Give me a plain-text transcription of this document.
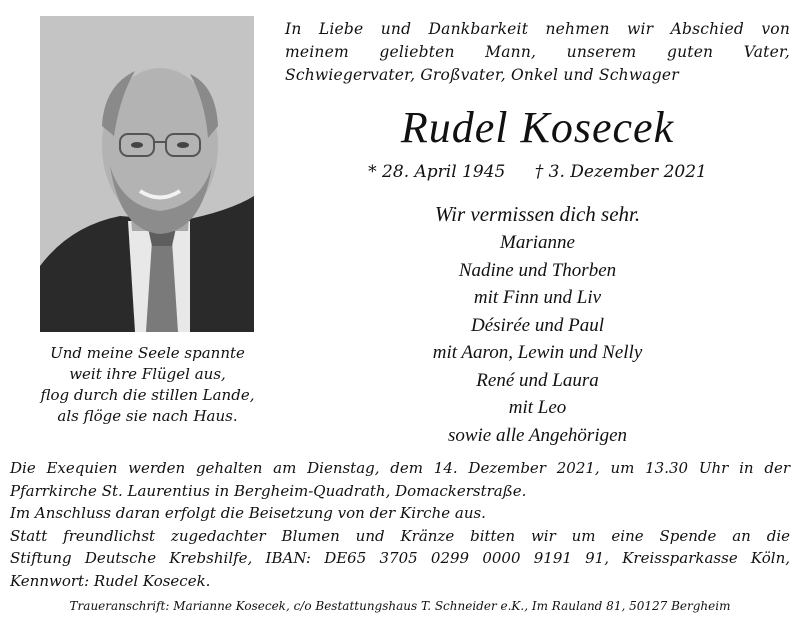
In Liebe und Dankbarkeit nehmen wir Abschied von
meinem geliebten Mann, unserem guten Vater,
Schwiegervater, Großvater, Onkel und Schwager
Rudel Kosecek
* 28. April 1945 † 3. Dezember 2021
Wir vermissen dich sehr.
Marianne
Nadine und Thorben
mit Finn und Liv
Désirée und Paul
mit Aaron, Lewin und Nelly
René und Laura
mit Leo
sowie alle Angehörigen
Und meine Seele spannte
weit ihre Flügel aus,
flog durch die stillen Lande,
als flöge sie nach Haus.
Die Exequien werden gehalten am Dienstag, dem 14. Dezember 2021, um 13.30 Uhr in der
Pfarrkirche St. Laurentius in Bergheim-Quadrath, Domackerstraße.
Im Anschluss daran erfolgt die Beisetzung von der Kirche aus.
Statt freundlichst zugedachter Blumen und Kränze bitten wir um eine Spende an die
Stiftung Deutsche Krebshilfe, IBAN: DE65 3705 0299 0000 9191 91, Kreissparkasse Köln,
Kennwort: Rudel Kosecek.
Traueranschrift: Marianne Kosecek, c/o Bestattungshaus T. Schneider e.K., Im Rauland 81, 50127 Bergheim
